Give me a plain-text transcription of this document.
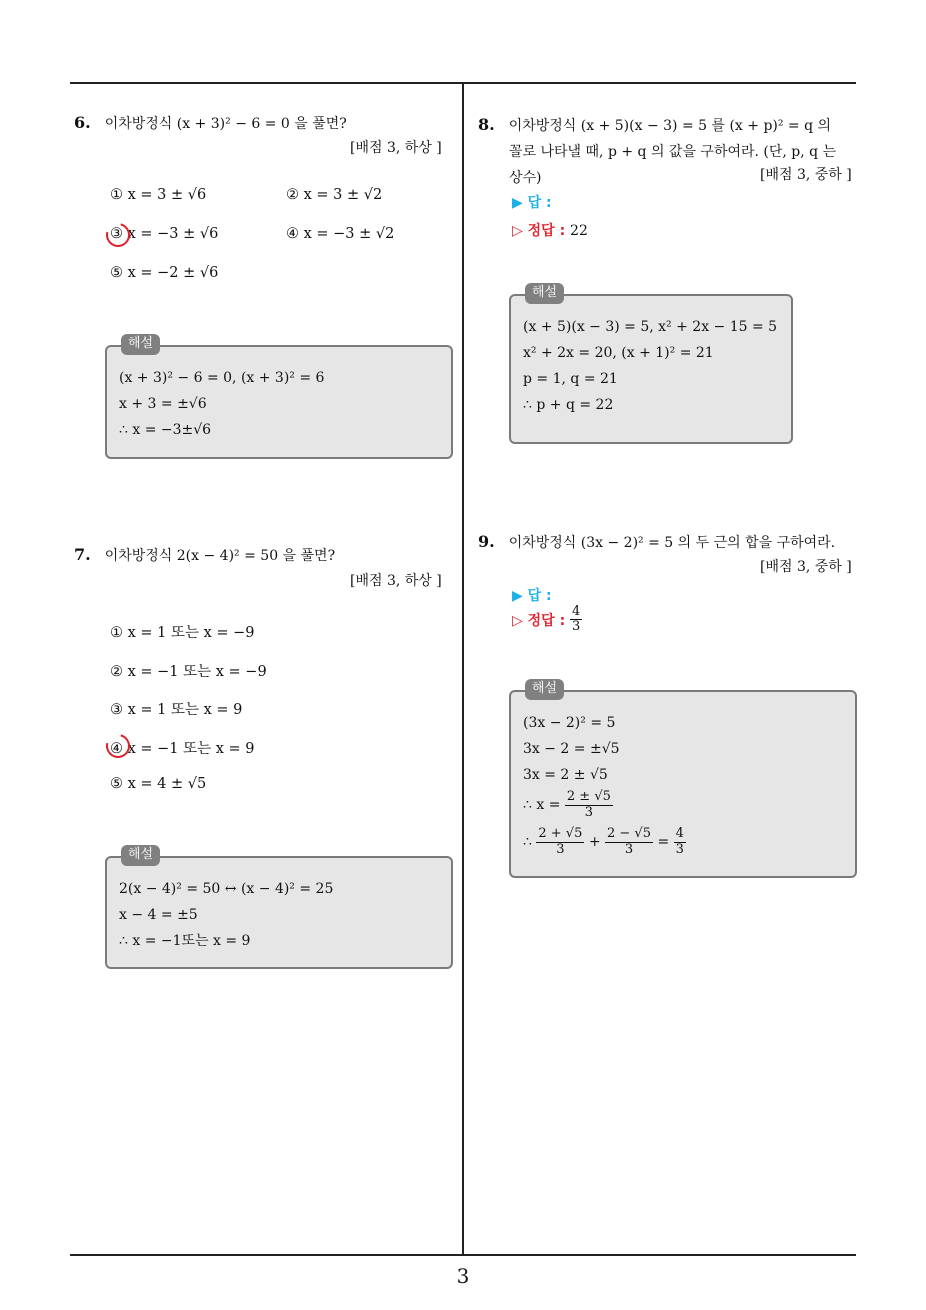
6. 이차방정식 (x + 3)² − 6 = 0 을 풀면?
[배점 3, 하상 ]
① x = 3 ± √6	② x = 3 ± √2
③ x = −3 ± √6	④ x = −3 ± √2
⑤ x = −2 ± √6
해설
(x + 3)² − 6 = 0, (x + 3)² = 6
x + 3 = ±√6
∴ x = −3±√6
7. 이차방정식 2(x − 4)² = 50 을 풀면?
[배점 3, 하상 ]
① x = 1 또는 x = −9
② x = −1 또는 x = −9
③ x = 1 또는 x = 9
④ x = −1 또는 x = 9
⑤ x = 4 ± √5
해설
2(x − 4)² = 50 ↔ (x − 4)² = 25
x − 4 = ±5
∴ x = −1또는 x = 9
8. 이차방정식 (x + 5)(x − 3) = 5 를 (x + p)² = q 의
꼴로 나타낼 때, p + q 의 값을 구하여라. (단, p, q 는
상수)	[배점 3, 중하 ]
▶ 답 :
▷ 정답 : 22
해설
(x + 5)(x − 3) = 5, x² + 2x − 15 = 5
x² + 2x = 20, (x + 1)² = 21
p = 1, q = 21
∴ p + q = 22
9. 이차방정식 (3x − 2)² = 5 의 두 근의 합을 구하여라.
[배점 3, 중하 ]
▶ 답 :
▷ 정답 : $\frac{4}{3}$
해설
(3x − 2)² = 5
3x − 2 = ±√5
3x = 2 ± √5
∴ $x = \frac{2 \pm √5}{3}$
∴ $\frac{2 + √5}{3} + \frac{2 - √5}{3} = \frac{4}{3}$
3
